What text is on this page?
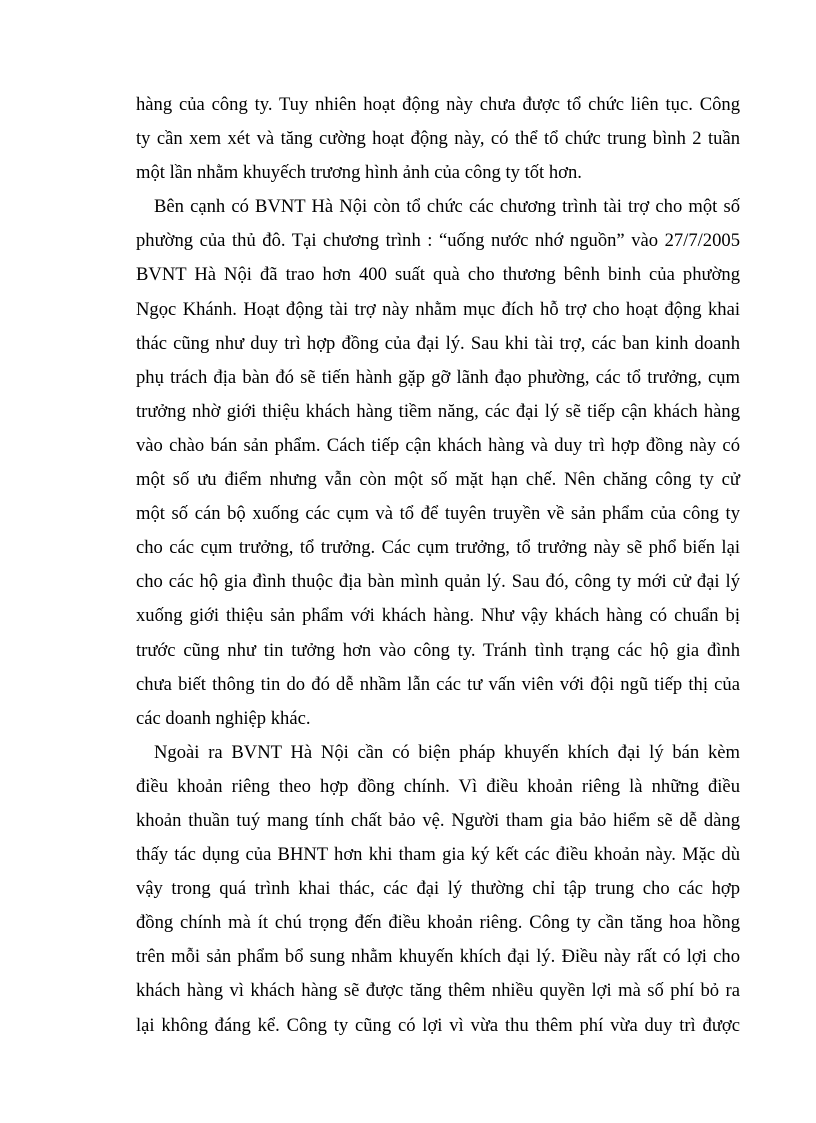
hàng của công ty. Tuy nhiên hoạt động này chưa được tổ chức liên tục. Công
ty cần xem xét và tăng cường hoạt động này, có thể tổ chức trung bình 2 tuần
một lần nhằm khuyếch trương hình ảnh của công ty tốt hơn.
Bên cạnh có BVNT Hà Nội còn tổ chức các chương trình tài trợ cho một số
phường của thủ đô. Tại chương trình : “uống nước nhớ nguồn” vào 27/7/2005
BVNT Hà Nội đã trao hơn 400 suất quà cho thương bênh binh của phường
Ngọc Khánh. Hoạt động tài trợ này nhằm mục đích hỗ trợ cho hoạt động khai
thác cũng như duy trì hợp đồng của đại lý. Sau khi tài trợ, các ban kinh doanh
phụ trách địa bàn đó sẽ tiến hành gặp gỡ lãnh đạo phường, các tổ trưởng, cụm
trưởng nhờ giới thiệu khách hàng tiềm năng, các đại lý sẽ tiếp cận khách hàng
vào chào bán sản phẩm. Cách tiếp cận khách hàng và duy trì hợp đồng này có
một số ưu điểm nhưng vẫn còn một số mặt hạn chế. Nên chăng công ty cử
một số cán bộ xuống các cụm và tổ để tuyên truyền về sản phẩm của công ty
cho các cụm trưởng, tổ trưởng. Các cụm trưởng, tổ trưởng này sẽ phổ biến lại
cho các hộ gia đình thuộc địa bàn mình quản lý. Sau đó, công ty mới cử đại lý
xuống giới thiệu sản phẩm với khách hàng. Như vậy khách hàng có chuẩn bị
trước cũng như tin tưởng hơn vào công ty. Tránh tình trạng các hộ gia đình
chưa biết thông tin do đó dễ nhầm lẫn các tư vấn viên với đội ngũ tiếp thị của
các doanh nghiệp khác.
Ngoài ra BVNT Hà Nội cần có biện pháp khuyến khích đại lý bán kèm
điều khoản riêng theo hợp đồng chính. Vì điều khoản riêng là những điều
khoản thuần tuý mang tính chất bảo vệ. Người tham gia bảo hiểm sẽ dễ dàng
thấy tác dụng của BHNT hơn khi tham gia ký kết các điều khoản này. Mặc dù
vậy trong quá trình khai thác, các đại lý thường chỉ tập trung cho các hợp
đồng chính mà ít chú trọng đến điều khoản riêng. Công ty cần tăng hoa hồng
trên mỗi sản phẩm bổ sung nhằm khuyến khích đại lý. Điều này rất có lợi cho
khách hàng vì khách hàng sẽ được tăng thêm nhiều quyền lợi mà số phí bỏ ra
lại không đáng kể. Công ty cũng có lợi vì vừa thu thêm phí vừa duy trì được
